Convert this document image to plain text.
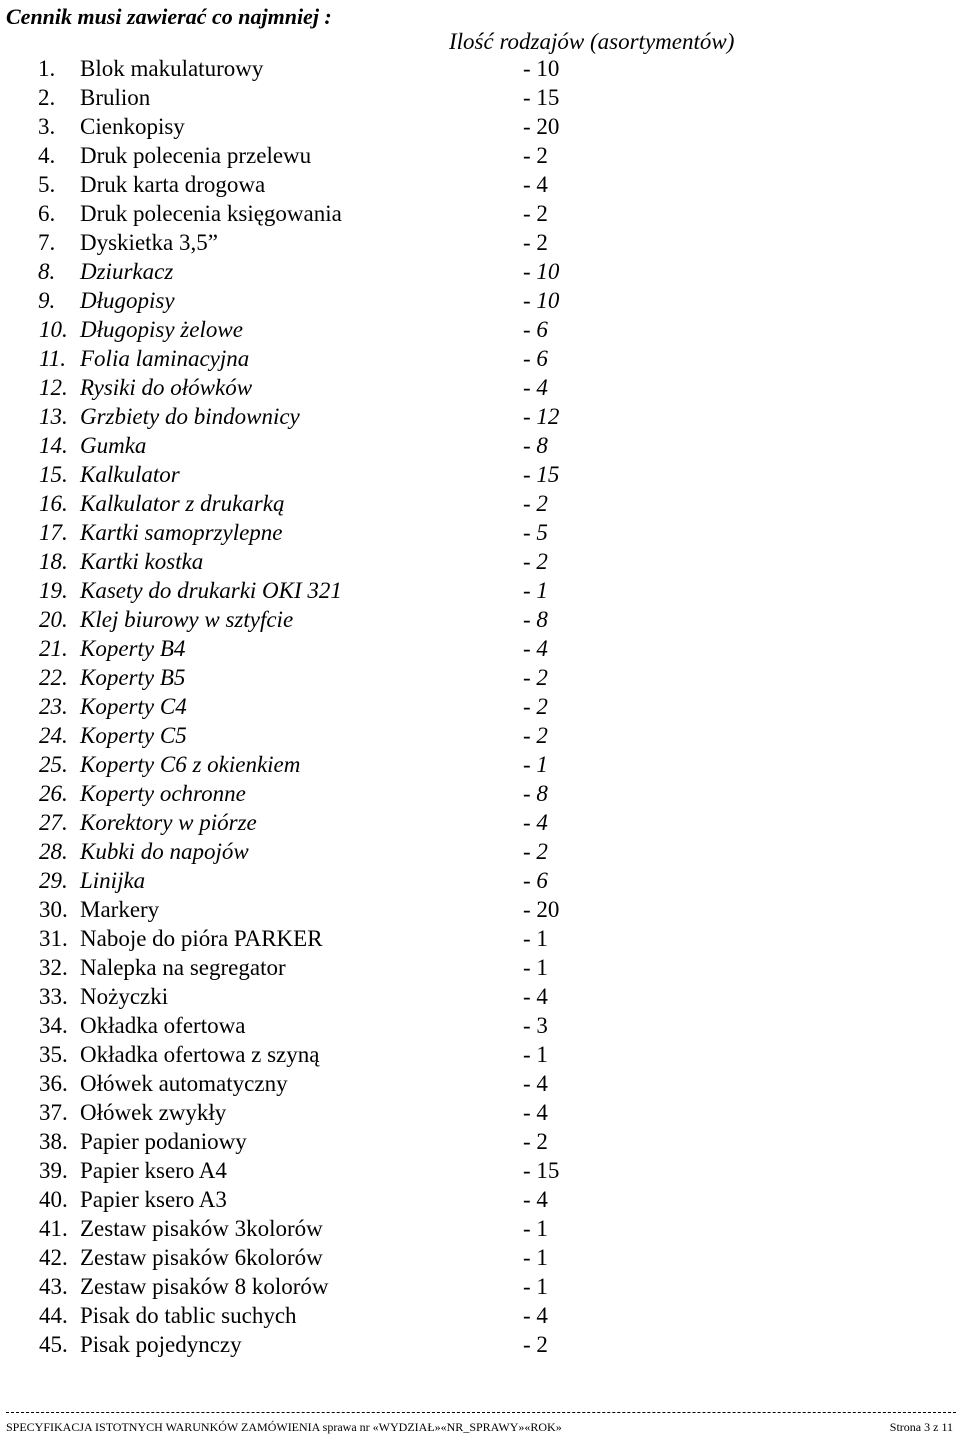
Cennik musi zawierać co najmniej :
Ilość rodzajów (asortymentów)
1. Blok makulaturowy	- 10
2. Brulion	- 15
3. Cienkopisy	- 20
4. Druk polecenia przelewu	- 2
5. Druk karta drogowa	- 4
6. Druk polecenia księgowania	- 2
7. Dyskietka 3,5”	- 2
8. Dziurkacz	- 10
9. Długopisy	- 10
10. Długopisy żelowe	- 6
11. Folia laminacyjna	- 6
12. Rysiki do ołówków	- 4
13. Grzbiety do bindownicy	- 12
14. Gumka	- 8
15. Kalkulator	- 15
16. Kalkulator z drukarką	- 2
17. Kartki samoprzylepne	- 5
18. Kartki kostka	- 2
19. Kasety do drukarki OKI 321	- 1
20. Klej biurowy w sztyfcie	- 8
21. Koperty B4	- 4
22. Koperty B5	- 2
23. Koperty C4	- 2
24. Koperty C5	- 2
25. Koperty C6 z okienkiem	- 1
26. Koperty ochronne	- 8
27. Korektory w piórze	- 4
28. Kubki do napojów	- 2
29. Linijka	- 6
30. Markery	- 20
31. Naboje do pióra PARKER	- 1
32. Nalepka na segregator	- 1
33. Nożyczki	- 4
34. Okładka ofertowa	- 3
35. Okładka ofertowa z szyną	- 1
36. Ołówek automatyczny	- 4
37. Ołówek zwykły	- 4
38. Papier podaniowy	- 2
39. Papier ksero A4	- 15
40. Papier ksero A3	- 4
41. Zestaw pisaków 3kolorów	- 1
42. Zestaw pisaków 6kolorów	- 1
43. Zestaw pisaków 8 kolorów	- 1
44. Pisak do tablic suchych	- 4
45. Pisak pojedynczy	- 2
SPECYFIKACJA ISTOTNYCH WARUNKÓW ZAMÓWIENIA sprawa nr «WYDZIAŁ»«NR_SPRAWY»«ROK»	Strona 3 z 11
